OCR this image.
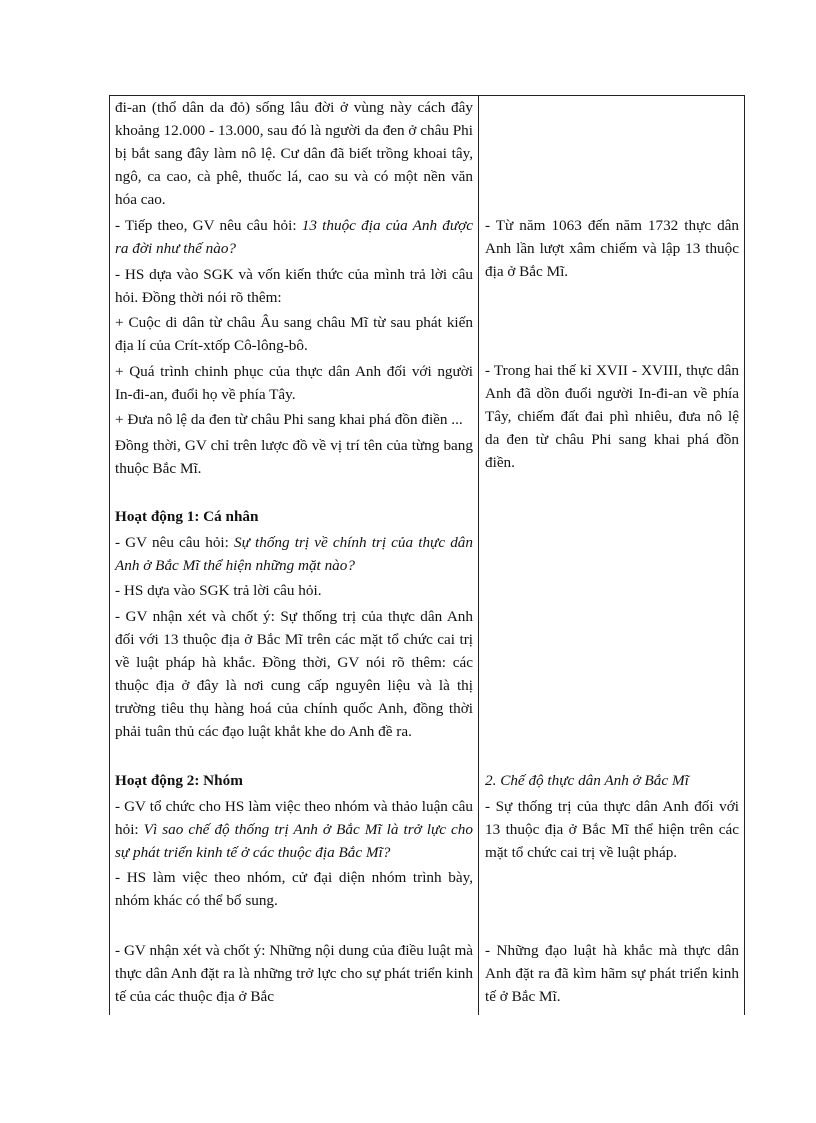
đi-an (thổ dân da đỏ) sống lâu đời ở vùng này cách đây khoảng 12.000 - 13.000, sau đó là người da đen ở châu Phi bị bắt sang đây làm nô lệ. Cư dân đã biết trồng khoai tây, ngô, ca cao, cà phê, thuốc lá, cao su và có một nền văn hóa cao.

- Tiếp theo, GV nêu câu hỏi: 13 thuộc địa của Anh được ra đời như thế nào?

- HS dựa vào SGK và vốn kiến thức của mình trả lời câu hỏi. Đồng thời nói rõ thêm:

+ Cuộc di dân từ châu Âu sang châu Mĩ từ sau phát kiến địa lí của Crít-xtốp Cô-lông-bô.

+ Quá trình chinh phục của thực dân Anh đối với người In-đi-an, đuổi họ về phía Tây.

+ Đưa nô lệ da đen từ châu Phi sang khai phá đồn điền ...

Đồng thời, GV chỉ trên lược đồ về vị trí tên của từng bang thuộc Bắc Mĩ.

Hoạt động 1: Cá nhân

- GV nêu câu hỏi: Sự thống trị về chính trị của thực dân Anh ở Bắc Mĩ thể hiện những mặt nào?

- HS dựa vào SGK trả lời câu hỏi.

- GV nhận xét và chốt ý: Sự thống trị của thực dân Anh đối với 13 thuộc địa ở Bắc Mĩ trên các mặt tổ chức cai trị về luật pháp hà khắc. Đồng thời, GV nói rõ thêm: các thuộc địa ở đây là nơi cung cấp nguyên liệu và là thị trường tiêu thụ hàng hoá của chính quốc Anh, đồng thời phải tuân thủ các đạo luật khắt khe do Anh đề ra.

Hoạt động 2: Nhóm

- GV tổ chức cho HS làm việc theo nhóm và thảo luận câu hỏi: Vì sao chế độ thống trị Anh ở Bắc Mĩ là trở lực cho sự phát triển kinh tế ở các thuộc địa Bắc Mĩ?

- HS làm việc theo nhóm, cử đại diện nhóm trình bày, nhóm khác có thể bổ sung.

- GV nhận xét và chốt ý: Những nội dung của điều luật mà thực dân Anh đặt ra là những trở lực cho sự phát triển kinh tế của các thuộc địa ở Bắc

- Từ năm 1063 đến năm 1732 thực dân Anh lần lượt xâm chiếm và lập 13 thuộc địa ở Bắc Mĩ.

- Trong hai thế kỉ XVII - XVIII, thực dân Anh đã dồn đuổi người In-đi-an về phía Tây, chiếm đất đai phì nhiêu, đưa nô lệ da đen từ châu Phi sang khai phá đồn điền.

2. Chế độ thực dân Anh ở Bắc Mĩ

- Sự thống trị của thực dân Anh đối với 13 thuộc địa ở Bắc Mĩ thể hiện trên các mặt tổ chức cai trị về luật pháp.

- Những đạo luật hà khắc mà thực dân Anh đặt ra đã kìm hãm sự phát triển kinh tế ở Bắc Mĩ.
